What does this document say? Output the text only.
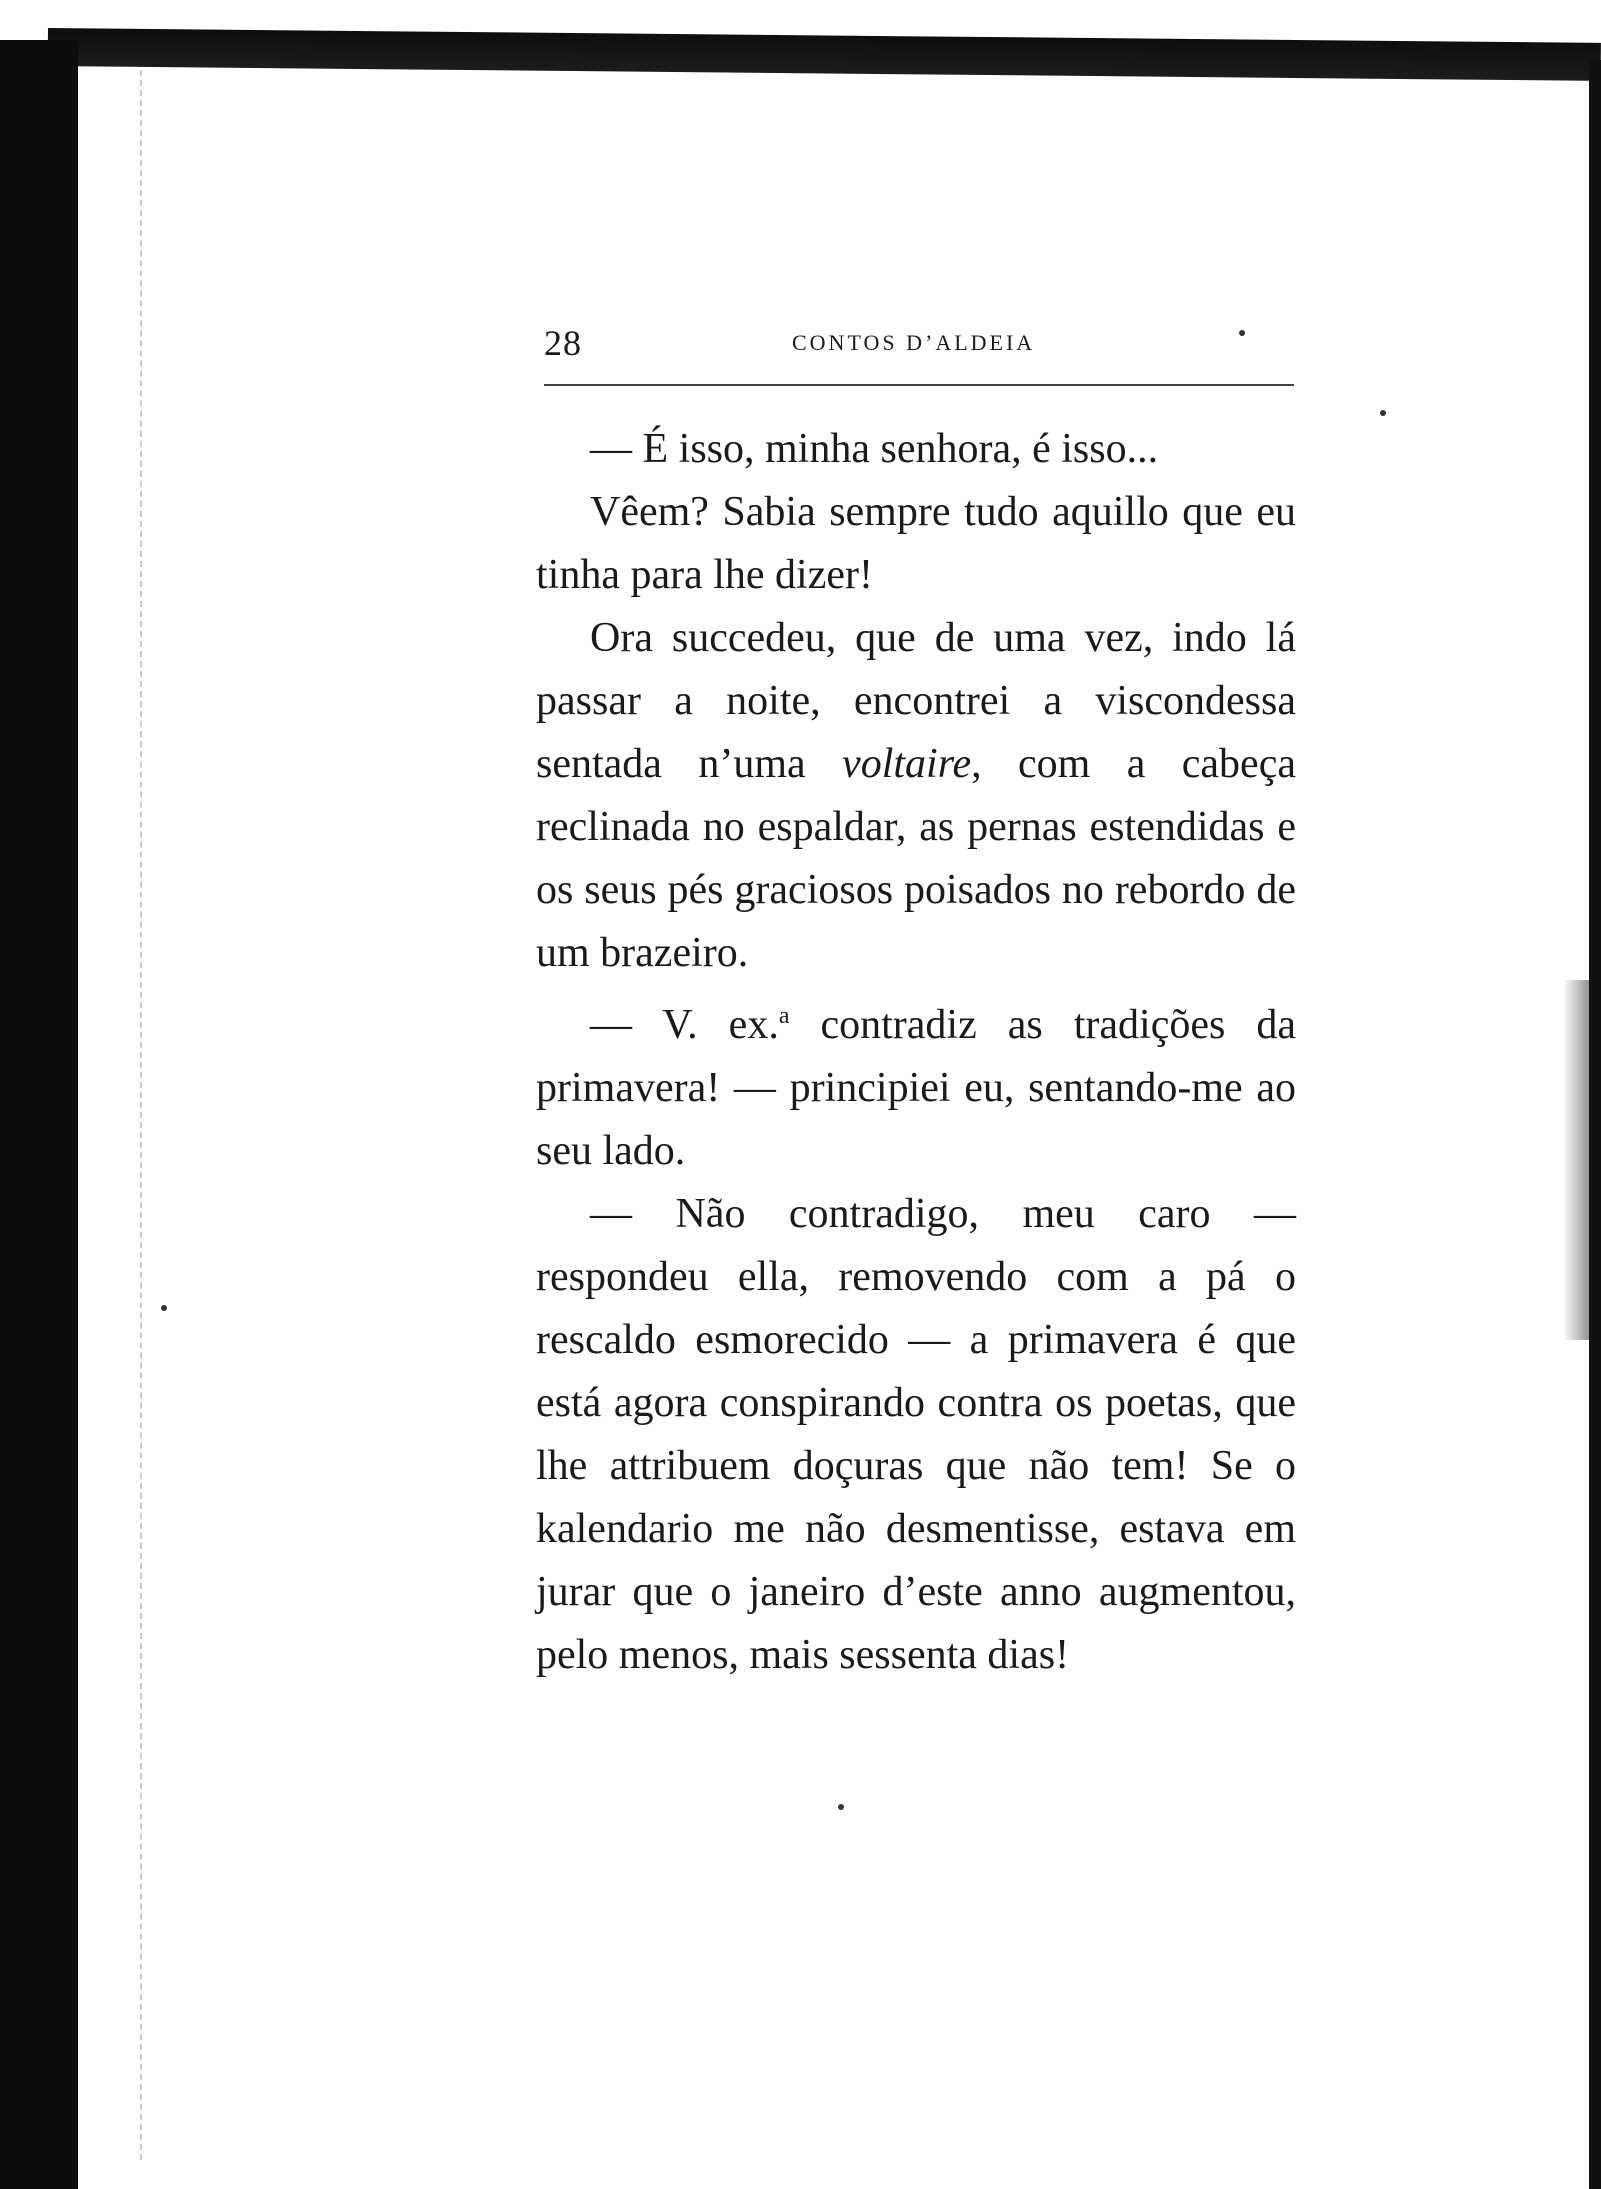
28	CONTOS D’ALDEIA

— É isso, minha senhora, é isso...

Vêem? Sabia sempre tudo aquillo que eu tinha para lhe dizer!

Ora succedeu, que de uma vez, indo lá passar a noite, encontrei a viscondessa sentada n’uma voltaire, com a cabeça reclinada no espaldar, as pernas estendidas e os seus pés graciosos poisados no rebordo de um brazeiro.

— V. ex.$^a$ contradiz as tradições da primavera! — principiei eu, sentando-me ao seu lado.

— Não contradigo, meu caro — respondeu ella, removendo com a pá o rescaldo esmorecido — a primavera é que está agora conspirando contra os poetas, que lhe attribuem doçuras que não tem! Se o kalendario me não desmentisse, estava em jurar que o janeiro d’este anno augmentou, pelo menos, mais sessenta dias!
